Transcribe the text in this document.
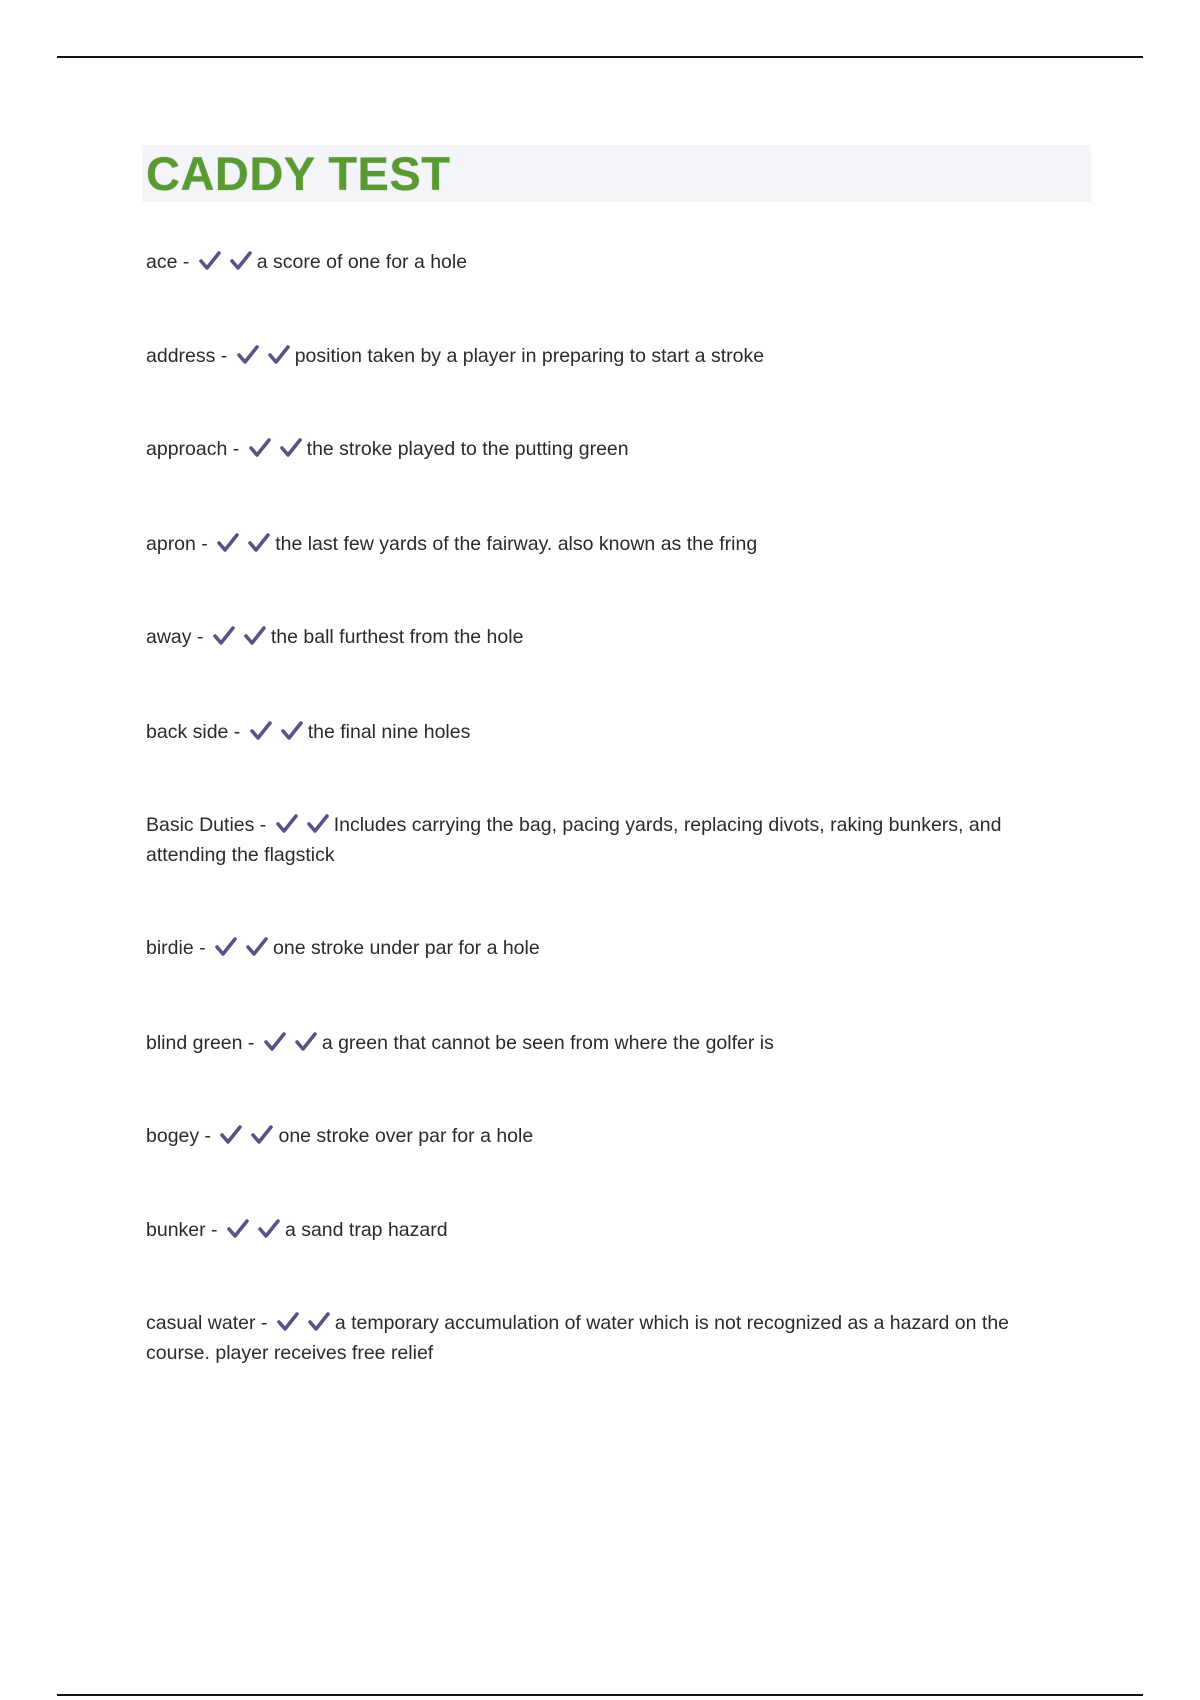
CADDY TEST

ace -	a score of one for a hole

address -	position taken by a player in preparing to start a stroke

approach -	the stroke played to the putting green

apron -	the last few yards of the fairway. also known as the fring

away -	the ball furthest from the hole

back side -	the final nine holes

Basic Duties -	Includes carrying the bag, pacing yards, replacing divots, raking bunkers, and attending the flagstick

birdie -	one stroke under par for a hole

blind green -	a green that cannot be seen from where the golfer is

bogey -	one stroke over par for a hole

bunker -	a sand trap hazard

casual water -	a temporary accumulation of water which is not recognized as a hazard on the course. player receives free relief
